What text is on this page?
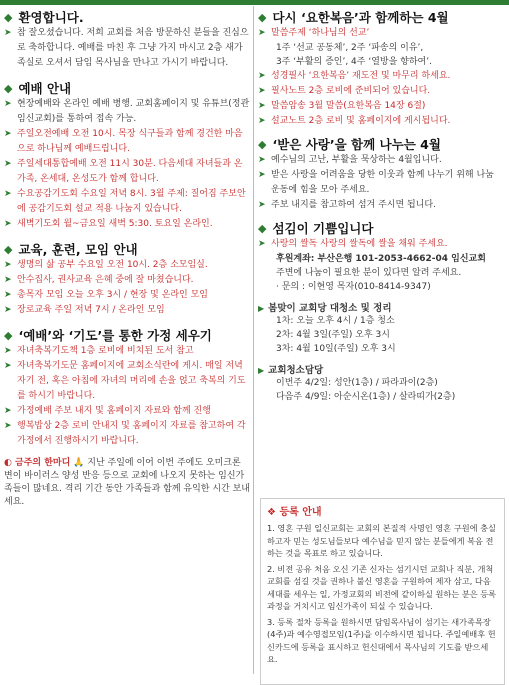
◆ 환영합니다.
➤ 참 잘오셨습니다. 저희 교회를 처음 방문하신 분들을 진심으로 축하합니다. 예배를 마친 후 그냥 가지 마시고 2층 새가족실로 오셔서 담임 목사님을 만나고 가시기 바랍니다.
◆ 예배 안내
➤ 현장예배와 온라인 예배 병행. 교회홈페이지 및 유튜브(정관임신교회)를 통하여 접속 가능.
➤ 주일오전예배 오전 10시. 목장 식구들과 함께 경건한 마음으로 하나님께 예배드립니다.
➤ 주일세대통합예배 오전 11시 30분. 다음세대 자녀들과 온가족, 온세대, 온성도가 함께 합니다.
➤ 수요공감기도회 수요일 저녁 8시. 3월 주제: 질어짐 주보안에 공감기도회 설교 적용 나눔지 있습니다.
➤ 새벽기도회 월~금요일 새벽 5:30. 토요일 온라인.
◆ 교육, 훈련, 모임 안내
➤ 생명의 삶 공부 수요일 오전 10시. 2층 소모임실.
➤ 안수집사, 권사교육 은혜 중에 잘 마쳤습니다.
➤ 총목자 모임 오늘 오후 3시 / 현장 및 온라인 모임
➤ 장로교육 주일 저녁 7시 / 온라인 모임
◆ ‘예배’와 ‘기도’를 통한 가정 세우기
➤ 자녀축복기도책 1층 로비에 비치된 도서 참고
➤ 자녀축복기도문 홈페이지에 교회소식란에 게시. 매일 저녁 자기 전, 혹은 아침에 자녀의 머리에 손을 얹고 축복의 기도를 하시기 바랍니다.
➤ 가정예배 주보 내지 및 홈페이지 자료와 함께 진행
➤ 행복밥상 2층 로비 안내지 및 홈페이지 자료를 참고하여 각 가정에서 진행하시기 바랍니다.
◐ 금주의 한마디 🙏 지난 주일에 이어 이번 주에도 오미크론 변이 바이러스 양성 반응 등으로 교회에 나오지 못하는 임신가족들이 많네요. 격리 기간 동안 가족들과 함께 유익한 시간 보내세요.
◆ 다시 ‘요한복음’과 함께하는 4월
➤ 말씀주제 ‘하나님의 선교’
1주 ‘선교 공동체’, 2주 ‘파송의 이유’,
3주 ‘부활의 증인’, 4주 ‘열방을 향하여’.
➤ 성경필사 ‘요한복음’ 재도전 및 마무리 하세요.
➤ 필사노트 2층 로비에 준비되어 있습니다.
➤ 말씀암송 3월 말씀(요한복음 14장 6절)
➤ 설교노트 2층 로비 및 홈페이지에 게시됩니다.
◆ ‘받은 사랑’을 함께 나누는 4월
➤ 예수님의 고난, 부활을 묵상하는 4월입니다.
➤ 받은 사랑을 어려움을 당한 이웃과 함께 나누기 위해 나눔 운동에 힘을 모아 주세요.
➤ 주보 내지를 참고하여 섬겨 주시면 됩니다.
◆ 섬김이 기쁨입니다
➤ 사랑의 쌀독 사랑의 쌀독에 쌀을 채워 주세요.
후원계좌: 부산은행 101-2053-4662-04 임신교회
주변에 나눔이 필요한 분이 있다면 알려 주세요.
· 문의 : 이현영 목자(010-8414-9347)
▶ 봄맞이 교회당 대청소 및 정리
1차: 오늘 오후 4시 / 1층 청소
2차: 4월 3일(주일) 오후 3시
3차: 4월 10일(주일) 오후 3시
▶ 교회청소담당
이번주 4/2일: 성안(1층) / 파라과이(2층)
다음주 4/9일: 아순시온(1층) / 살라띠가(2층)
❖ 등록 안내
1. 영혼 구원 일신교회는 교회의 본질적 사명인 영혼 구원에 충실하고자 믿는 성도님들보다 예수님을 믿지 않는 분들에게 복음 전하는 것을 목표로 하고 있습니다.
2. 비전 공유 처음 오신 기존 신자는 섬기시던 교회나 직분, 개척교회를 섬길 것을 권하나 불신 영혼을 구원하여 제자 삼고, 다음 세대를 세우는 일, 가정교회의 비전에 같이하실 원하는 분은 등록 과정을 거치시고 임신가족이 되실 수 있습니다.
3. 등록 절차 등록을 원하시면 담임목사님이 섬기는 새가족목장(4주)과 예수영접모임(1주)을 이수하시면 됩니다. 주일예배후 헌신카드에 등록을 표시하고 헌신대에서 목사님의 기도를 받으세요.
